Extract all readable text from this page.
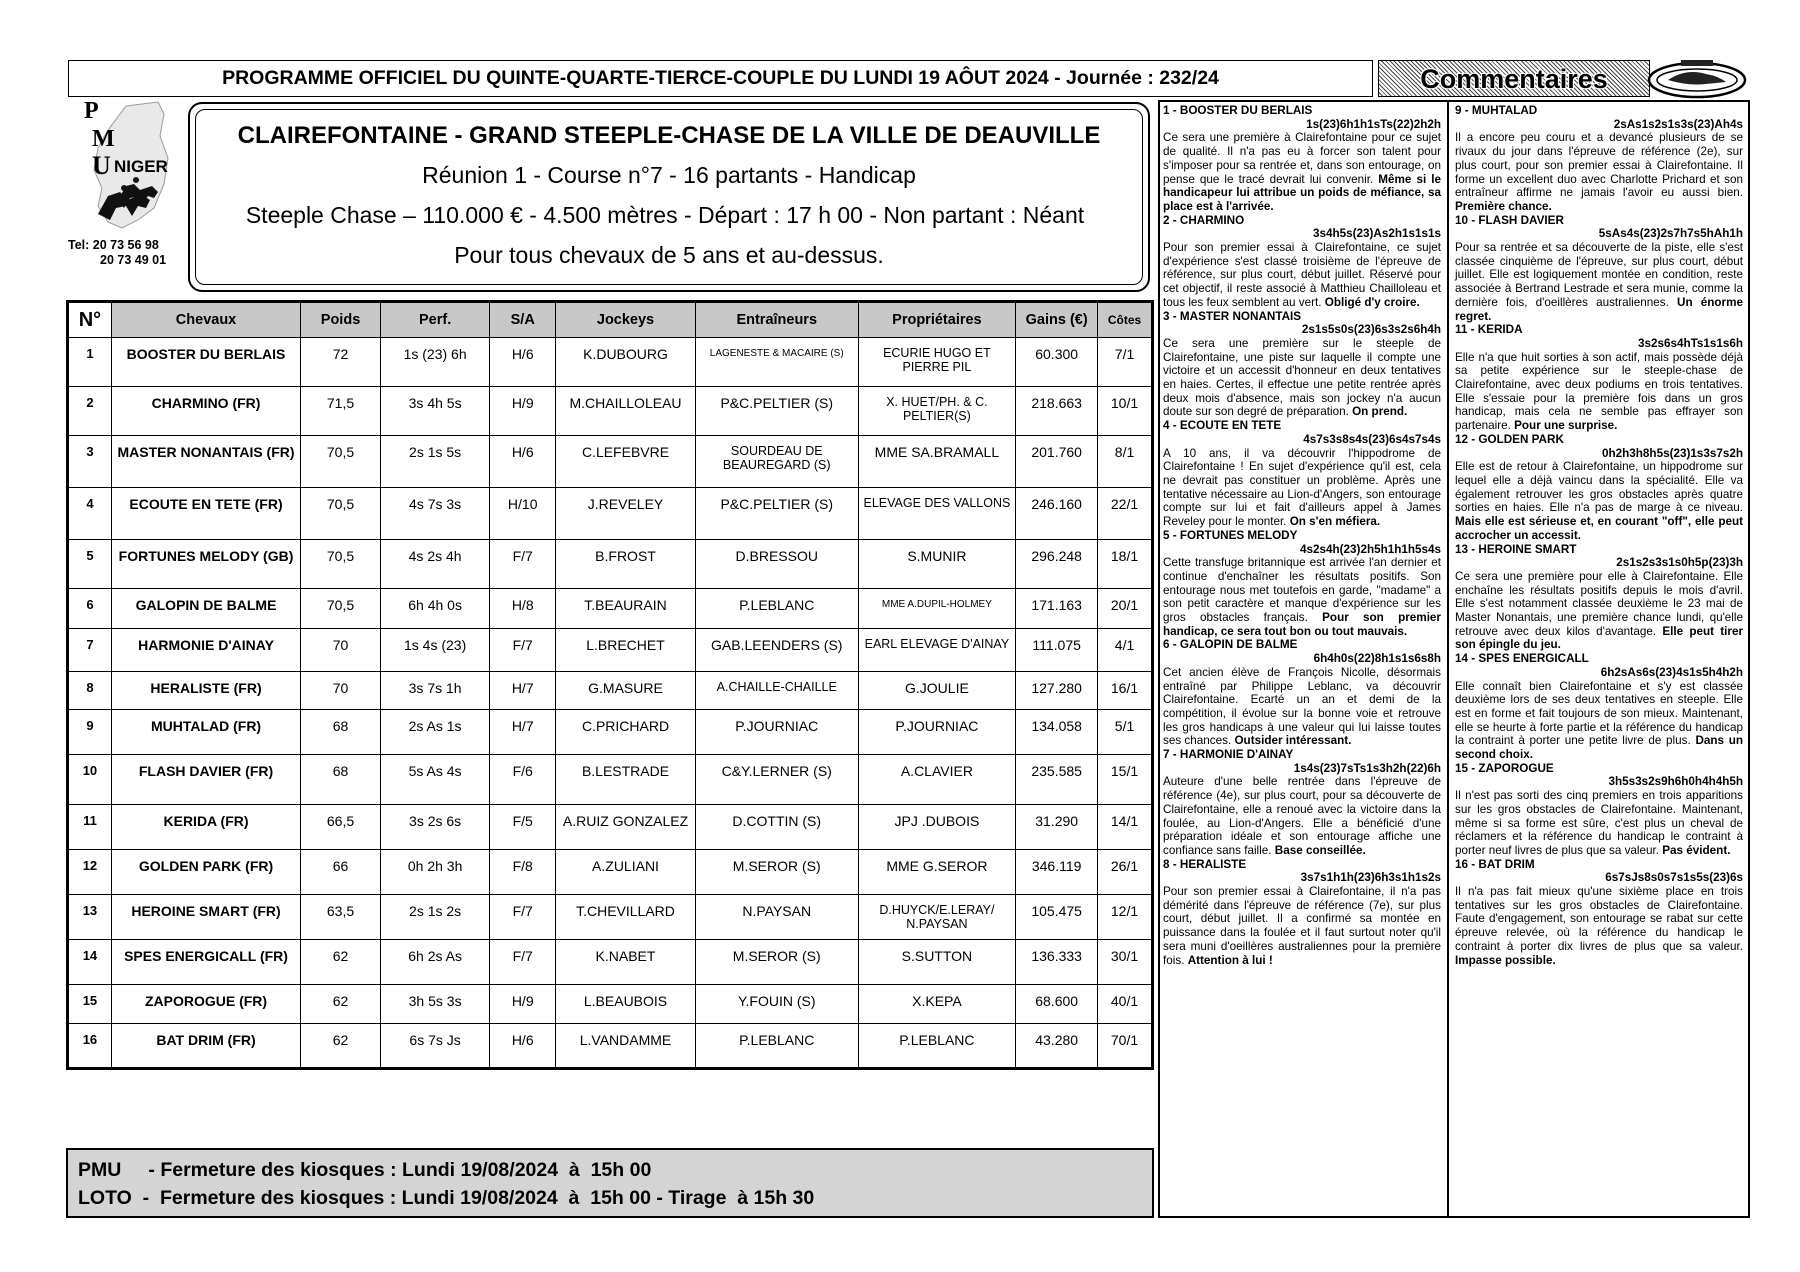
PROGRAMME OFFICIEL DU QUINTE-QUARTE-TIERCE-COUPLE DU LUNDI 19 AÔUT 2024 - Journée : 232/24	Commentaires
P
M
U NIGER
Tel: 20 73 56 98
20 73 49 01
CLAIREFONTAINE - GRAND STEEPLE-CHASE DE LA VILLE DE DEAUVILLE
Réunion 1 - Course n°7 - 16 partants - Handicap
Steeple Chase – 110.000 € - 4.500 mètres - Départ : 17 h 00 - Non partant : Néant
Pour tous chevaux de 5 ans et au-dessus.
N°	Chevaux	Poids	Perf.	S/A	Jockeys	Entraîneurs	Propriétaires	Gains (€)	Côtes
1	BOOSTER DU BERLAIS	72	1s (23) 6h	H/6	K.DUBOURG	LAGENESTE & MACAIRE (S)	ECURIE HUGO ET PIERRE PIL	60.300	7/1
2	CHARMINO (FR)	71,5	3s 4h 5s	H/9	M.CHAILLOLEAU	P&C.PELTIER (S)	X. HUET/PH. & C. PELTIER(S)	218.663	10/1
3	MASTER NONANTAIS (FR)	70,5	2s 1s 5s	H/6	C.LEFEBVRE	SOURDEAU DE BEAUREGARD (S)	MME SA.BRAMALL	201.760	8/1
4	ECOUTE EN TETE (FR)	70,5	4s 7s 3s	H/10	J.REVELEY	P&C.PELTIER (S)	ELEVAGE DES VALLONS	246.160	22/1
5	FORTUNES MELODY (GB)	70,5	4s 2s 4h	F/7	B.FROST	D.BRESSOU	S.MUNIR	296.248	18/1
6	GALOPIN DE BALME	70,5	6h 4h 0s	H/8	T.BEAURAIN	P.LEBLANC	MME A.DUPIL-HOLMEY	171.163	20/1
7	HARMONIE D'AINAY	70	1s 4s (23)	F/7	L.BRECHET	GAB.LEENDERS (S)	EARL ELEVAGE D'AINAY	111.075	4/1
8	HERALISTE (FR)	70	3s 7s 1h	H/7	G.MASURE	A.CHAILLE-CHAILLE	G.JOULIE	127.280	16/1
9	MUHTALAD (FR)	68	2s As 1s	H/7	C.PRICHARD	P.JOURNIAC	P.JOURNIAC	134.058	5/1
10	FLASH DAVIER (FR)	68	5s As 4s	F/6	B.LESTRADE	C&Y.LERNER (S)	A.CLAVIER	235.585	15/1
11	KERIDA (FR)	66,5	3s 2s 6s	F/5	A.RUIZ GONZALEZ	D.COTTIN (S)	JPJ .DUBOIS	31.290	14/1
12	GOLDEN PARK (FR)	66	0h 2h 3h	F/8	A.ZULIANI	M.SEROR (S)	MME G.SEROR	346.119	26/1
13	HEROINE SMART (FR)	63,5	2s 1s 2s	F/7	T.CHEVILLARD	N.PAYSAN	D.HUYCK/E.LERAY/ N.PAYSAN	105.475	12/1
14	SPES ENERGICALL (FR)	62	6h 2s As	F/7	K.NABET	M.SEROR (S)	S.SUTTON	136.333	30/1
15	ZAPOROGUE (FR)	62	3h 5s 3s	H/9	L.BEAUBOIS	Y.FOUIN (S)	X.KEPA	68.600	40/1
16	BAT DRIM (FR)	62	6s 7s Js	H/6	L.VANDAMME	P.LEBLANC	P.LEBLANC	43.280	70/1
PMU     - Fermeture des kiosques : Lundi 19/08/2024  à  15h 00
LOTO  -  Fermeture des kiosques : Lundi 19/08/2024  à  15h 00 - Tirage  à 15h 30
1 - BOOSTER DU BERLAIS
1s(23)6h1h1sTs(22)2h2h
Ce sera une première à Clairefontaine pour ce sujet de qualité. Il n'a pas eu à forcer son talent pour s'imposer pour sa rentrée et, dans son entourage, on pense que le tracé devrait lui convenir. Même si le handicapeur lui attribue un poids de méfiance, sa place est à l'arrivée.
2 - CHARMINO
3s4h5s(23)As2h1s1s1s
Pour son premier essai à Clairefontaine, ce sujet d'expérience s'est classé troisième de l'épreuve de référence, sur plus court, début juillet. Réservé pour cet objectif, il reste associé à Matthieu Chailloleau et tous les feux semblent au vert. Obligé d'y croire.
3 - MASTER NONANTAIS
2s1s5s0s(23)6s3s2s6h4h
Ce sera une première sur le steeple de Clairefontaine, une piste sur laquelle il compte une victoire et un accessit d'honneur en deux tentatives en haies. Certes, il effectue une petite rentrée après deux mois d'absence, mais son jockey n'a aucun doute sur son degré de préparation. On prend.
4 - ECOUTE EN TETE
4s7s3s8s4s(23)6s4s7s4s
A 10 ans, il va découvrir l'hippodrome de Clairefontaine ! En sujet d'expérience qu'il est, cela ne devrait pas constituer un problème. Après une tentative nécessaire au Lion-d'Angers, son entourage compte sur lui et fait d'ailleurs appel à James Reveley pour le monter. On s'en méfiera.
5 - FORTUNES MELODY
4s2s4h(23)2h5h1h1h5s4s
Cette transfuge britannique est arrivée l'an dernier et continue d'enchaîner les résultats positifs. Son entourage nous met toutefois en garde, "madame" a son petit caractère et manque d'expérience sur les gros obstacles français. Pour son premier handicap, ce sera tout bon ou tout mauvais.
6 - GALOPIN DE BALME
6h4h0s(22)8h1s1s6s8h
Cet ancien élève de François Nicolle, désormais entraîné par Philippe Leblanc, va découvrir Clairefontaine. Ecarté un an et demi de la compétition, il évolue sur la bonne voie et retrouve les gros handicaps à une valeur qui lui laisse toutes ses chances. Outsider intéressant.
7 - HARMONIE D'AINAY
1s4s(23)7sTs1s3h2h(22)6h
Auteure d'une belle rentrée dans l'épreuve de référence (4e), sur plus court, pour sa découverte de Clairefontaine, elle a renoué avec la victoire dans la foulée, au Lion-d'Angers. Elle a bénéficié d'une préparation idéale et son entourage affiche une confiance sans faille. Base conseillée.
8 - HERALISTE
3s7s1h1h(23)6h3s1h1s2s
Pour son premier essai à Clairefontaine, il n'a pas démérité dans l'épreuve de référence (7e), sur plus court, début juillet. Il a confirmé sa montée en puissance dans la foulée et il faut surtout noter qu'il sera muni d'oeillères australiennes pour la première fois. Attention à lui !
9 - MUHTALAD
2sAs1s2s1s3s(23)Ah4s
Il a encore peu couru et a devancé plusieurs de se rivaux du jour dans l'épreuve de référence (2e), sur plus court, pour son premier essai à Clairefontaine. Il forme un excellent duo avec Charlotte Prichard et son entraîneur affirme ne jamais l'avoir eu aussi bien. Première chance.
10 - FLASH DAVIER
5sAs4s(23)2s7h7s5hAh1h
Pour sa rentrée et sa découverte de la piste, elle s'est classée cinquième de l'épreuve, sur plus court, début juillet. Elle est logiquement montée en condition, reste associée à Bertrand Lestrade et sera munie, comme la dernière fois, d'oeillères australiennes. Un énorme regret.
11 - KERIDA
3s2s6s4hTs1s1s6h
Elle n'a que huit sorties à son actif, mais possède déjà sa petite expérience sur le steeple-chase de Clairefontaine, avec deux podiums en trois tentatives. Elle s'essaie pour la première fois dans un gros handicap, mais cela ne semble pas effrayer son partenaire. Pour une surprise.
12 - GOLDEN PARK
0h2h3h8h5s(23)1s3s7s2h
Elle est de retour à Clairefontaine, un hippodrome sur lequel elle a déjà vaincu dans la spécialité. Elle va également retrouver les gros obstacles après quatre sorties en haies. Elle n'a pas de marge à ce niveau. Mais elle est sérieuse et, en courant "off", elle peut accrocher un accessit.
13 - HEROINE SMART
2s1s2s3s1s0h5p(23)3h
Ce sera une première pour elle à Clairefontaine. Elle enchaîne les résultats positifs depuis le mois d'avril. Elle s'est notamment classée deuxième le 23 mai de Master Nonantais, une première chance lundi, qu'elle retrouve avec deux kilos d'avantage. Elle peut tirer son épingle du jeu.
14 - SPES ENERGICALL
6h2sAs6s(23)4s1s5h4h2h
Elle connaît bien Clairefontaine et s'y est classée deuxième lors de ses deux tentatives en steeple. Elle est en forme et fait toujours de son mieux. Maintenant, elle se heurte à forte partie et la référence du handicap la contraint à porter une petite livre de plus. Dans un second choix.
15 - ZAPOROGUE
3h5s3s2s9h6h0h4h4h5h
Il n'est pas sorti des cinq premiers en trois apparitions sur les gros obstacles de Clairefontaine. Maintenant, même si sa forme est sûre, c'est plus un cheval de réclamers et la référence du handicap le contraint à porter neuf livres de plus que sa valeur. Pas évident.
16 - BAT DRIM
6s7sJs8s0s7s1s5s(23)6s
Il n'a pas fait mieux qu'une sixième place en trois tentatives sur les gros obstacles de Clairefontaine. Faute d'engagement, son entourage se rabat sur cette épreuve relevée, où la référence du handicap le contraint à porter dix livres de plus que sa valeur. Impasse possible.
